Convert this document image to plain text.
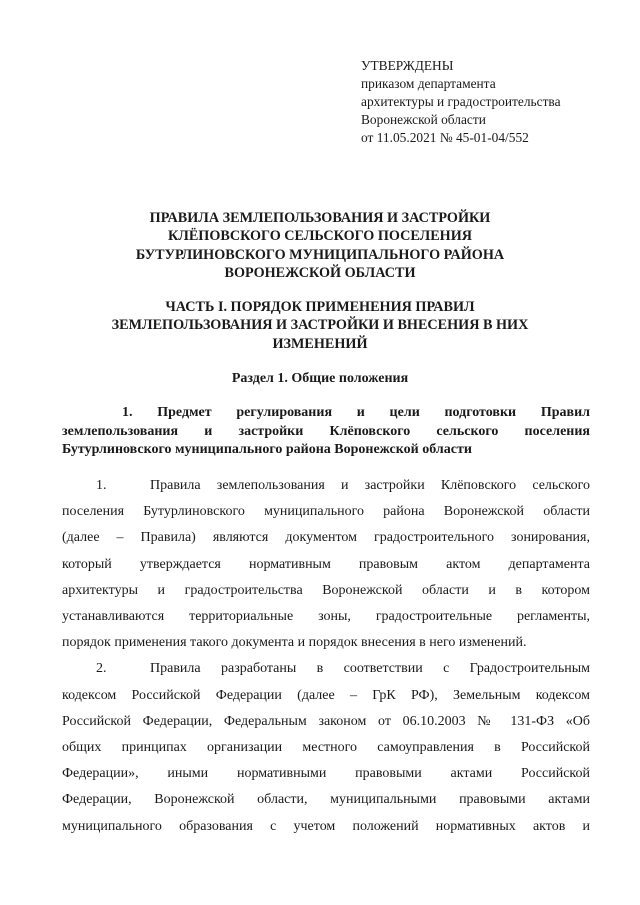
УТВЕРЖДЕНЫ
приказом департамента
архитектуры и градостроительства
Воронежской области
от 11.05.2021 № 45-01-04/552
ПРАВИЛА ЗЕМЛЕПОЛЬЗОВАНИЯ И ЗАСТРОЙКИ
КЛЁПОВСКОГО СЕЛЬСКОГО ПОСЕЛЕНИЯ
БУТУРЛИНОВСКОГО МУНИЦИПАЛЬНОГО РАЙОНА
ВОРОНЕЖСКОЙ ОБЛАСТИ
ЧАСТЬ I. ПОРЯДОК ПРИМЕНЕНИЯ ПРАВИЛ
ЗЕМЛЕПОЛЬЗОВАНИЯ И ЗАСТРОЙКИ И ВНЕСЕНИЯ В НИХ
ИЗМЕНЕНИЙ
Раздел 1. Общие положения
1. Предмет регулирования и цели подготовки Правил
землепользования и застройки Клёповского сельского поселения
Бутурлиновского муниципального района Воронежской области
1.	Правила землепользования и застройки Клёповского сельского
поселения Бутурлиновского муниципального района Воронежской области
(далее – Правила) являются документом градостроительного зонирования,
который утверждается нормативным правовым актом департамента
архитектуры и градостроительства Воронежской области и в котором
устанавливаются территориальные зоны, градостроительные регламенты,
порядок применения такого документа и порядок внесения в него изменений.
2.	Правила разработаны в соответствии с Градостроительным
кодексом Российской Федерации (далее – ГрК РФ), Земельным кодексом
Российской Федерации, Федеральным законом от 06.10.2003 № 131-ФЗ «Об
общих принципах организации местного самоуправления в Российской
Федерации», иными нормативными правовыми актами Российской
Федерации, Воронежской области, муниципальными правовыми актами
муниципального образования с учетом положений нормативных актов и
